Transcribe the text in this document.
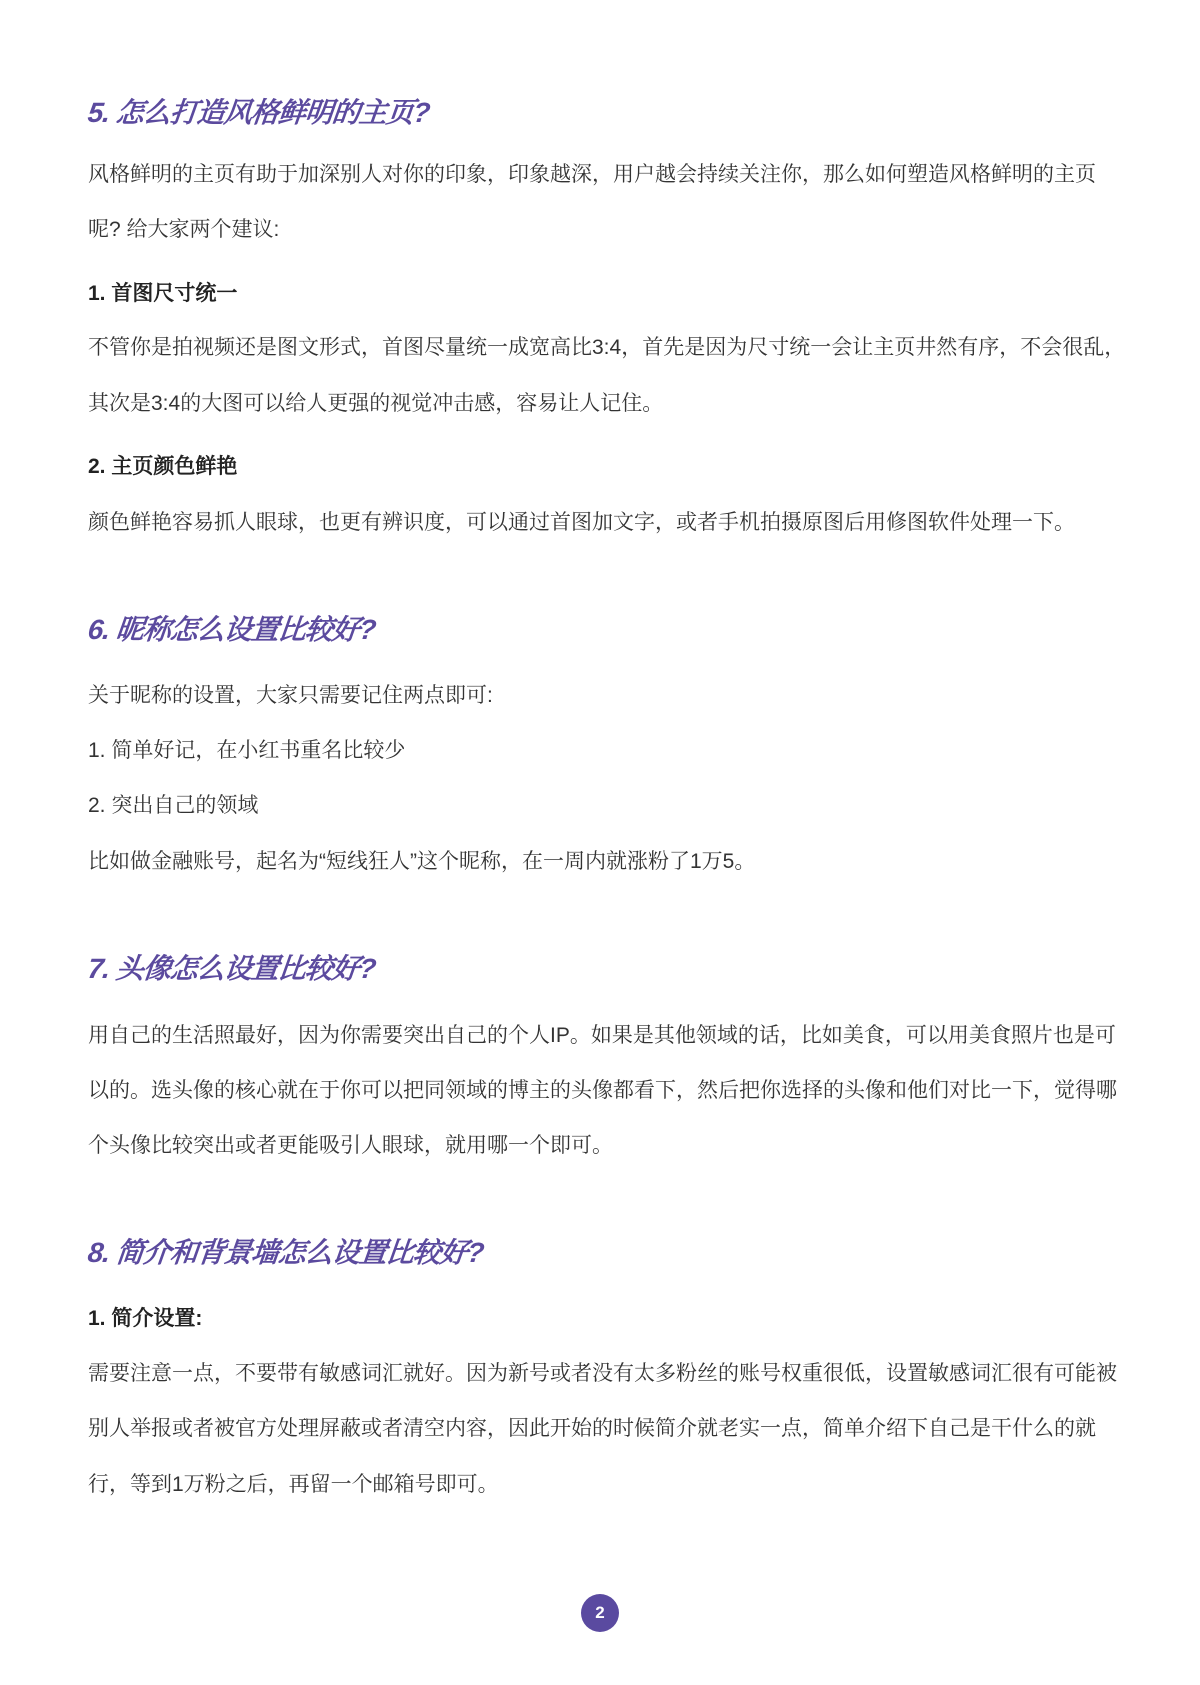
5. 怎么打造风格鲜明的主页?
风格鲜明的主页有助于加深别人对你的印象，印象越深，用户越会持续关注你，那么如何塑造风格鲜明的主页
呢? 给大家两个建议:
1. 首图尺寸统一
不管你是拍视频还是图文形式，首图尽量统一成宽高比3:4，首先是因为尺寸统一会让主页井然有序，不会很乱，
其次是3:4的大图可以给人更强的视觉冲击感，容易让人记住。
2. 主页颜色鲜艳
颜色鲜艳容易抓人眼球，也更有辨识度，可以通过首图加文字，或者手机拍摄原图后用修图软件处理一下。
6. 昵称怎么设置比较好?
关于昵称的设置，大家只需要记住两点即可:
1. 简单好记，在小红书重名比较少
2. 突出自己的领域
比如做金融账号，起名为“短线狂人”这个昵称，在一周内就涨粉了1万5。
7. 头像怎么设置比较好?
用自己的生活照最好，因为你需要突出自己的个人IP。如果是其他领域的话，比如美食，可以用美食照片也是可
以的。选头像的核心就在于你可以把同领域的博主的头像都看下，然后把你选择的头像和他们对比一下，觉得哪
个头像比较突出或者更能吸引人眼球，就用哪一个即可。
8. 简介和背景墙怎么设置比较好?
1. 简介设置:
需要注意一点，不要带有敏感词汇就好。因为新号或者没有太多粉丝的账号权重很低，设置敏感词汇很有可能被
别人举报或者被官方处理屏蔽或者清空内容，因此开始的时候简介就老实一点，简单介绍下自己是干什么的就
行，等到1万粉之后，再留一个邮箱号即可。
2
